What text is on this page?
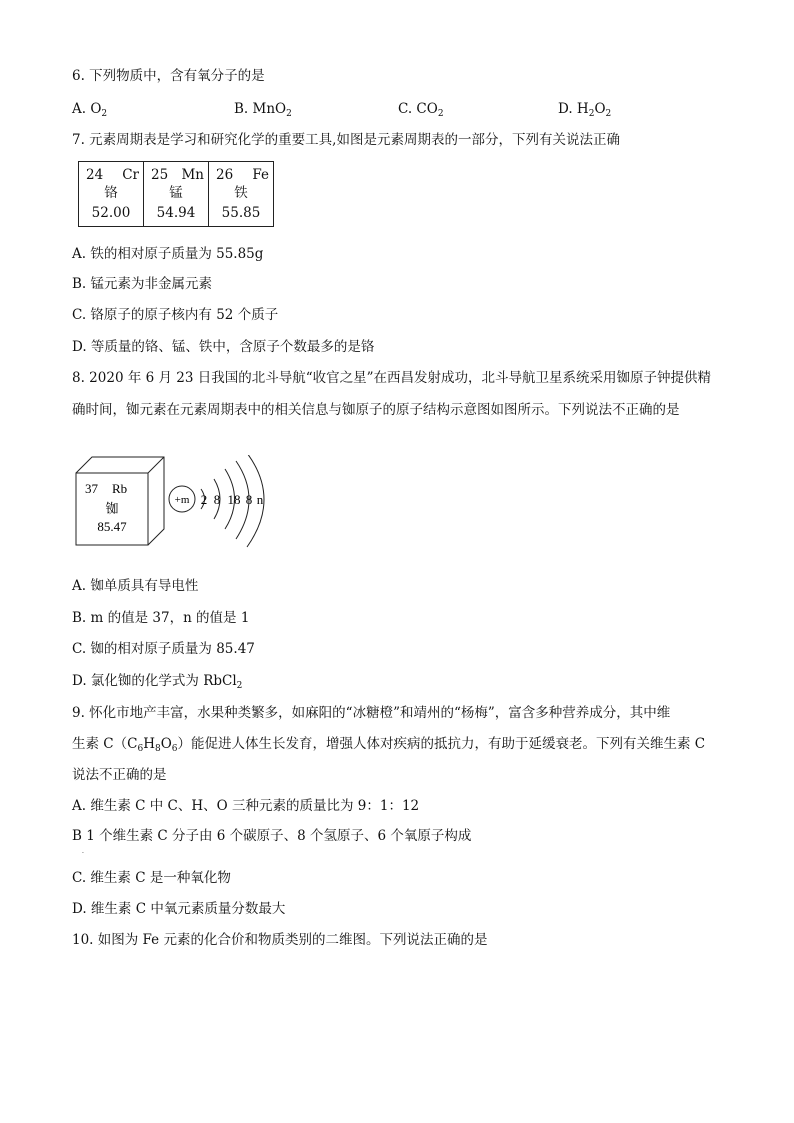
6. 下列物质中，含有氧分子的是
A. $O_2$	B. MnO$_2$	C. $CO_2$	D. $H_2O_2$
7. 元素周期表是学习和研究化学的重要工具,如图是元素周期表的一部分，下列有关说法正确
24 Cr
铬
52.00

25 Mn
锰
54.94

26 Fe
铁
55.85
A. 铁的相对原子质量为 55.85g
B. 锰元素为非金属元素
C. 铬原子的原子核内有 52 个质子
D. 等质量的铬、锰、铁中，含原子个数最多的是铬
8. 2020 年 6 月 23 日我国的北斗导航“收官之星”在西昌发射成功，北斗导航卫星系统采用铷原子钟提供精
确时间，铷元素在元素周期表中的相关信息与铷原子的原子结构示意图如图所示。下列说法不正确的是
37 Rb
铷
85.47
+m 2 8 18 8 n
A. 铷单质具有导电性
B. m 的值是 37，n 的值是 1
C. 铷的相对原子质量为 85.47
D. 氯化铷的化学式为 RbCl$_2$
9. 怀化市地产丰富，水果种类繁多，如麻阳的“冰糖橙”和靖州的“杨梅”，富含多种营养成分，其中维
生素 $C(C_6H_8O_6)$能促进人体生长发育，增强人体对疾病的抵抗力，有助于延缓衰老。下列有关维生素 C
说法不正确的是
A. 维生素 C 中 C、H、O 三种元素的质量比为 9：1：12
B 1 个维生素 C 分子由 6 个碳原子、8 个氢原子、6 个氧原子构成
.
C. 维生素 C 是一种氧化物
D. 维生素 C 中氧元素质量分数最大
10. 如图为 Fe 元素的化合价和物质类别的二维图。下列说法正确的是
